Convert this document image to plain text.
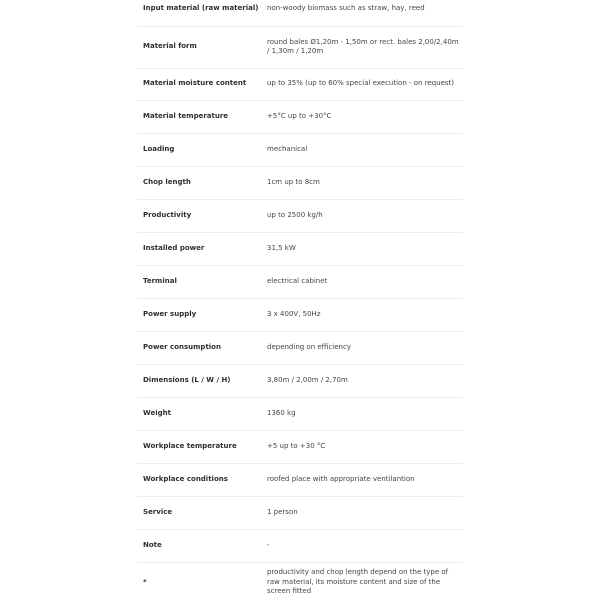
Input material (raw material)	non-woody biomass such as straw, hay, reed
Material form	round bales Ø1,20m - 1,50m or rect. bales 2,00/2,40m / 1,30m / 1,20m
Material moisture content	up to 35% (up to 60% special execution - on request)
Material temperature	+5°C up to +30°C
Loading	mechanical
Chop length	1cm up to 8cm
Productivity	up to 2500 kg/h
Installed power	31,5 kW
Terminal	electrical cabinet
Power supply	3 x 400V, 50Hz
Power consumption	depending on efficiency
Dimensions (L / W / H)	3,80m / 2,00m / 2,70m
Weight	1360 kg
Workplace temperature	+5 up to +30 °C
Workplace conditions	roofed place with appropriate ventilantion
Service	1 person
Note	-
*	productivity and chop length depend on the type of raw material, its moisture content and size of the screen fitted
